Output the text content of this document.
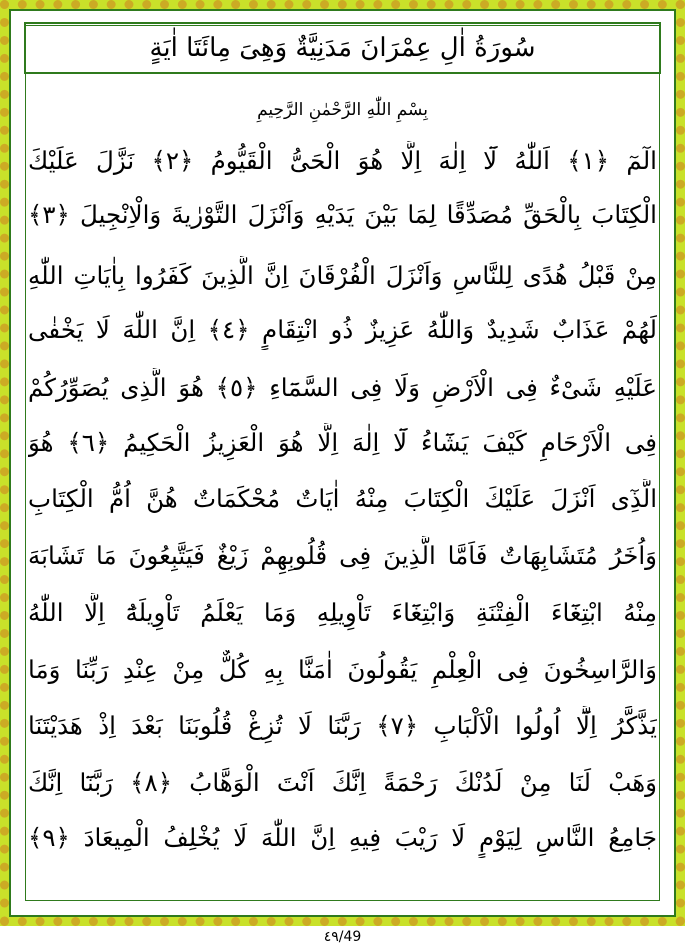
سُورَةُ اٰلِ عِمْرَانَ مَدَنِيَّةٌ وَهِىَ مِائَتَا اٰيَةٍ
بِسْمِ اللّٰهِ الرَّحْمٰنِ الرَّحِيمِ
الٓمٓ ﴿١﴾ اَللّٰهُ لَٓا اِلٰهَ اِلَّا هُوَ الْحَىُّ الْقَيُّومُ ﴿٢﴾ نَزَّلَ عَلَيْكَ
الْكِتَابَ بِالْحَقِّ مُصَدِّقًا لِمَا بَيْنَ يَدَيْهِ وَاَنْزَلَ التَّوْرٰيةَ وَالْاِنْجِيلَ ﴿٣﴾
مِنْ قَبْلُ هُدًى لِلنَّاسِ وَاَنْزَلَ الْفُرْقَانَ اِنَّ الَّذِينَ كَفَرُوا بِاٰيَاتِ اللّٰهِ
لَهُمْ عَذَابٌ شَدِيدٌ وَاللّٰهُ عَزِيزٌ ذُو انْتِقَامٍ ﴿٤﴾ اِنَّ اللّٰهَ لَا يَخْفٰى
عَلَيْهِ شَیْءٌ فِى الْاَرْضِ وَلَا فِى السَّمَٓاءِ ﴿٥﴾ هُوَ الَّذِى يُصَوِّرُكُمْ
فِى الْاَرْحَامِ كَيْفَ يَشَٓاءُ لَٓا اِلٰهَ اِلَّا هُوَ الْعَزِيزُ الْحَكِيمُ ﴿٦﴾ هُوَ
الَّذِٓى اَنْزَلَ عَلَيْكَ الْكِتَابَ مِنْهُ اٰيَاتٌ مُحْكَمَاتٌ هُنَّ اُمُّ الْكِتَابِ
وَاُخَرُ مُتَشَابِهَاتٌ فَاَمَّا الَّذِينَ فِى قُلُوبِهِمْ زَيْغٌ فَيَتَّبِعُونَ مَا تَشَابَهَ
مِنْهُ ابْتِغَٓاءَ الْفِتْنَةِ وَابْتِغَٓاءَ تَاْوِيلِهِ وَمَا يَعْلَمُ تَاْوِيلَهُٓ اِلَّا اللّٰهُ
وَالرَّاسِخُونَ فِى الْعِلْمِ يَقُولُونَ اٰمَنَّا بِهِ كُلٌّ مِنْ عِنْدِ رَبِّنَا وَمَا
يَذَّكَّرُ اِلَّٓا اُولُوا الْاَلْبَابِ ﴿٧﴾ رَبَّنَا لَا تُزِغْ قُلُوبَنَا بَعْدَ اِذْ هَدَيْتَنَا
وَهَبْ لَنَا مِنْ لَدُنْكَ رَحْمَةً اِنَّكَ اَنْتَ الْوَهَّابُ ﴿٨﴾ رَبَّنَٓا اِنَّكَ
جَامِعُ النَّاسِ لِيَوْمٍ لَا رَيْبَ فِيهِ اِنَّ اللّٰهَ لَا يُخْلِفُ الْمِيعَادَ ﴿٩﴾
٤٩/49
